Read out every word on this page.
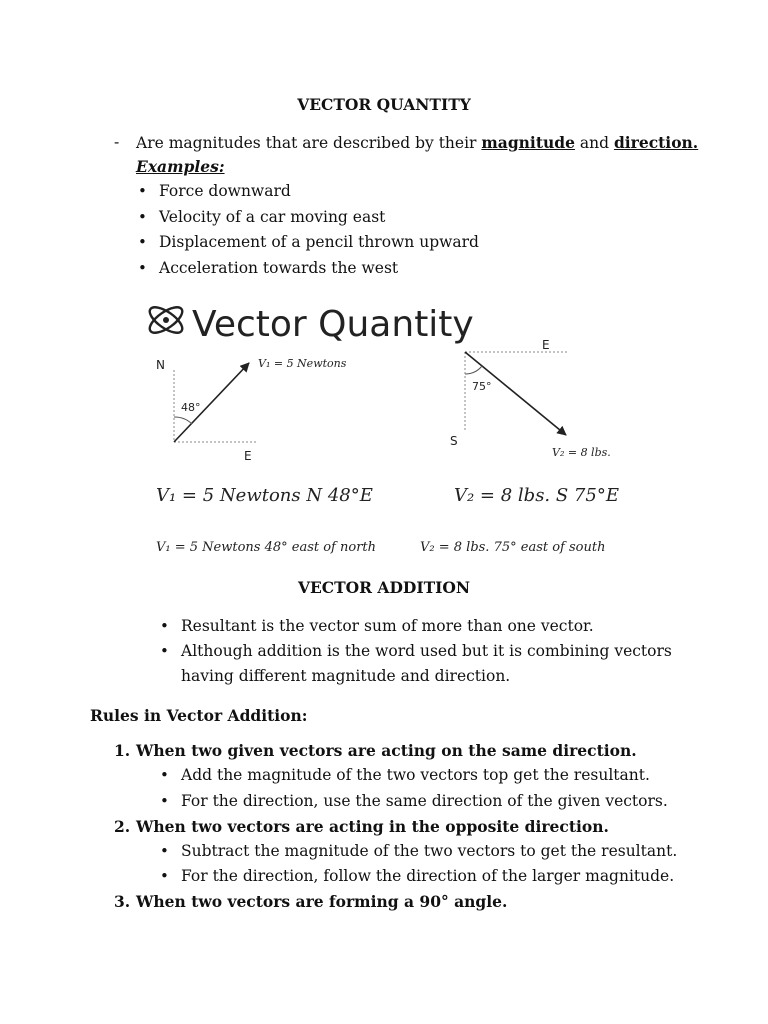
VECTOR QUANTITY
- Are magnitudes that are described by their magnitude and direction.
Examples:
• Force downward
• Velocity of a car moving east
• Displacement of a pencil thrown upward
• Acceleration towards the west
Vector Quantity
N
E
48°
V₁ = 5 Newtons
E
S
75°
V₂ = 8 lbs.
V₁ = 5 Newtons N 48°E	V₂ = 8 lbs. S 75°E
V₁ = 5 Newtons 48° east of north	V₂ = 8 lbs. 75° east of south
VECTOR ADDITION
• Resultant is the vector sum of more than one vector.
• Although addition is the word used but it is combining vectors
having different magnitude and direction.
Rules in Vector Addition:
1. When two given vectors are acting on the same direction.
• Add the magnitude of the two vectors top get the resultant.
• For the direction, use the same direction of the given vectors.
2. When two vectors are acting in the opposite direction.
• Subtract the magnitude of the two vectors to get the resultant.
• For the direction, follow the direction of the larger magnitude.
3. When two vectors are forming a 90° angle.
